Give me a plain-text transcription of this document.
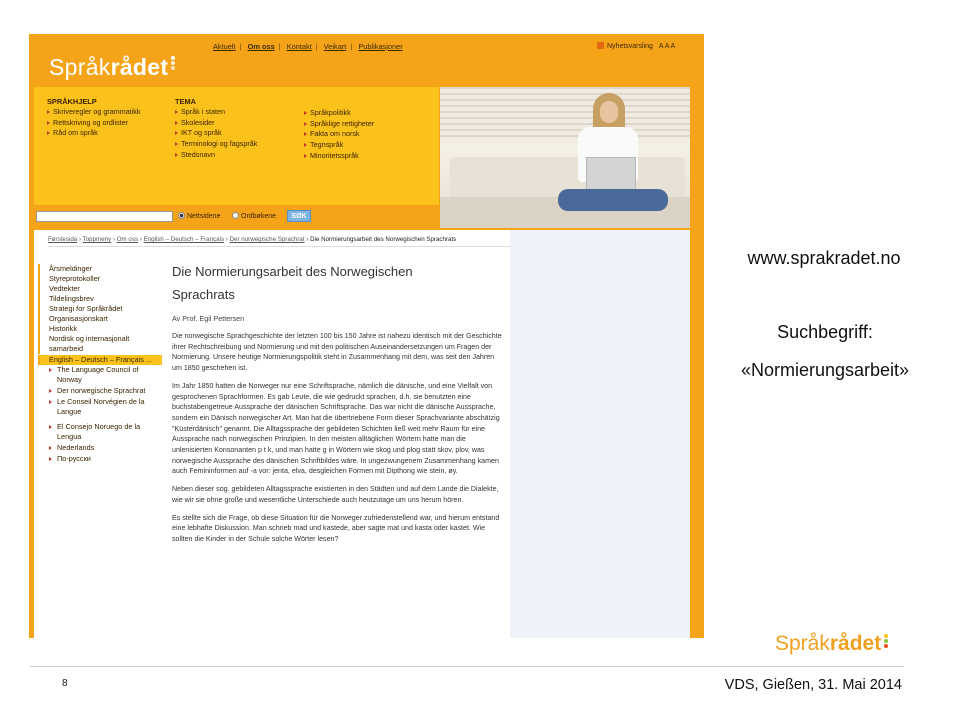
Språkrådet
Aktuelt | Om oss | Kontakt | Veikart | Publikasjoner	Nyhetsvarsling A A A
SPRÅKHJELP
Skriveregler og grammatikk
Rettskriving og ordlister
Råd om språk
TEMA
Språk i staten
Skolesider
IKT og språk
Terminologi og fagspråk
Stedsnavn
Språkpolitikk
Språklige rettigheter
Fakta om norsk
Tegnspråk
Minoritetsspråk
Nettsidene	Ordbøkene	SØK
Førstesida › Toppmeny › Om oss › English – Deutsch – Français › Der norwegische Sprachrat › Die Normierungsarbeit des Norwegischen Sprachrats
Årsmeldinger
Styreprotokoller
Vedtekter
Tildelingsbrev
Strategi for Språkrådet
Organisasjonskart
Historikk
Nordisk og internasjonalt
samarbeid
English – Deutsch – Français ...
The Language Council of
Norway
Der norwegische Sprachrat
Le Conseil Norvégien de la
Langue
El Consejo Noruego de la
Lengua
Nederlands
По-русски
Die Normierungsarbeit des Norwegischen
Sprachrats
Av Prof. Egil Pettersen

Die norwegische Sprachgeschichte der letzten 100 bis 150 Jahre ist nahezu identisch mit der Geschichte ihrer Rechtschreibung und Normierung und mit den politischen Auseinandersetzungen um Fragen der Normierung. Unsere heutige Normierungspolitik steht in Zusammenhang mit dem, was seit den Jahren um 1850 geschehen ist.

Im Jahr 1850 hatten die Norweger nur eine Schriftsprache, nämlich die dänische, und eine Vielfalt von gesprochenen Sprachformen. Es gab Leute, die wie gedruckt sprachen, d.h. sie benutzten eine buchstabengetreue Aussprache der dänischen Schriftsprache. Das war nicht die dänische Aussprache, sondern ein Dänisch norwegischer Art. Man hat die übertriebene Form dieser Sprachvariante abschätzig "Küsterdänisch" genannt. Die Alltagssprache der gebildeten Schichten ließ weit mehr Raum für eine Aussprache nach norwegischen Prinzipien. In den meisten alltäglichen Wörtern hatte man die unlenisierten Konsonanten p t k, und man hatte g in Wörtern wie skog und plog statt skov, plov, was norwegische Aussprache des dänischen Schriftbildes wäre. In ungezwungenem Zusammenhang kamen auch Femininformen auf -a vor: jenta, elva, desgleichen Formen mit Dipthong wie stein, øy.

Neben dieser sog. gebildeten Alltagssprache existierten in den Städten und auf dem Lande die Dialekte, wie wir sie ohne große und wesentliche Unterschiede auch heutzutage um uns herum hören.

Es stellte sich die Frage, ob diese Situation für die Norweger zufriedenstellend war, und hierum entstand eine lebhafte Diskussion. Man schrieb mad und kastede, aber sagte mat und kasta oder kastet. Wie sollten die Kinder in der Schule solche Wörter lesen?

www.sprakradet.no
Suchbegriff:
«Normierungsarbeit»
Språkrådet
8	VDS, Gießen, 31. Mai 2014
